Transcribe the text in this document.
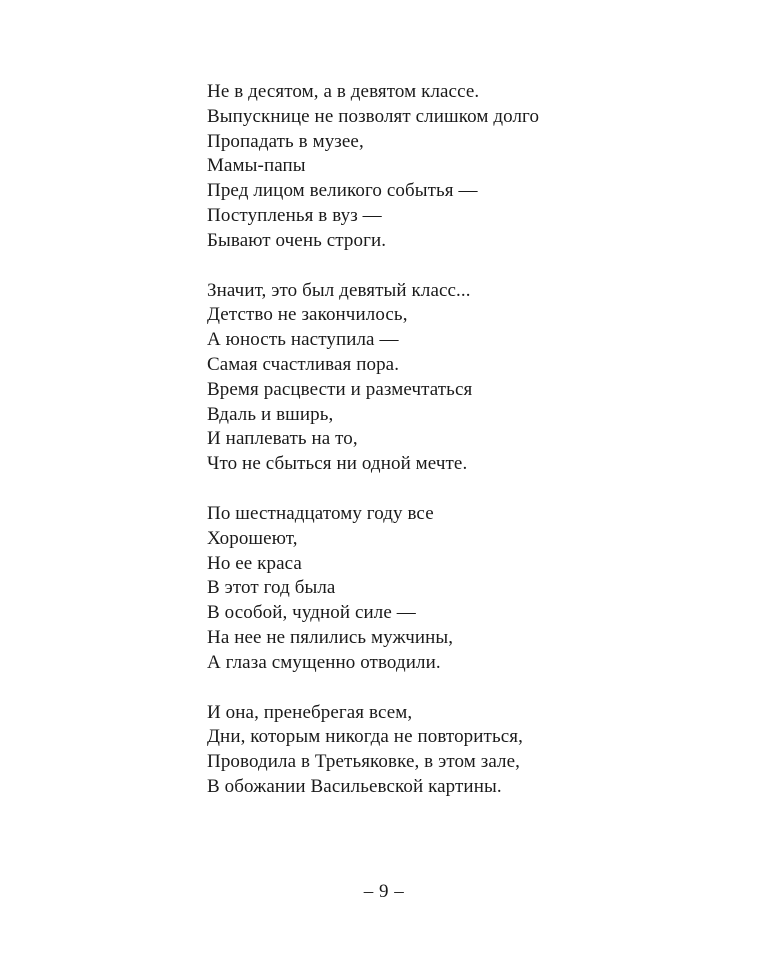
Не в десятом, а в девятом классе.
Выпускнице не позволят слишком долго
Пропадать в музее,
Мамы-папы
Пред лицом великого событья —
Поступленья в вуз —
Бывают очень строги.
Значит, это был девятый класс...
Детство не закончилось,
А юность наступила —
Самая счастливая пора.
Время расцвести и размечтаться
Вдаль и вширь,
И наплевать на то,
Что не сбыться ни одной мечте.
По шестнадцатому году все
Хорошеют,
Но ее краса
В этот год была
В особой, чудной силе —
На нее не пялились мужчины,
А глаза смущенно отводили.
И она, пренебрегая всем,
Дни, которым никогда не повториться,
Проводила в Третьяковке, в этом зале,
В обожании Васильевской картины.
– 9 –
